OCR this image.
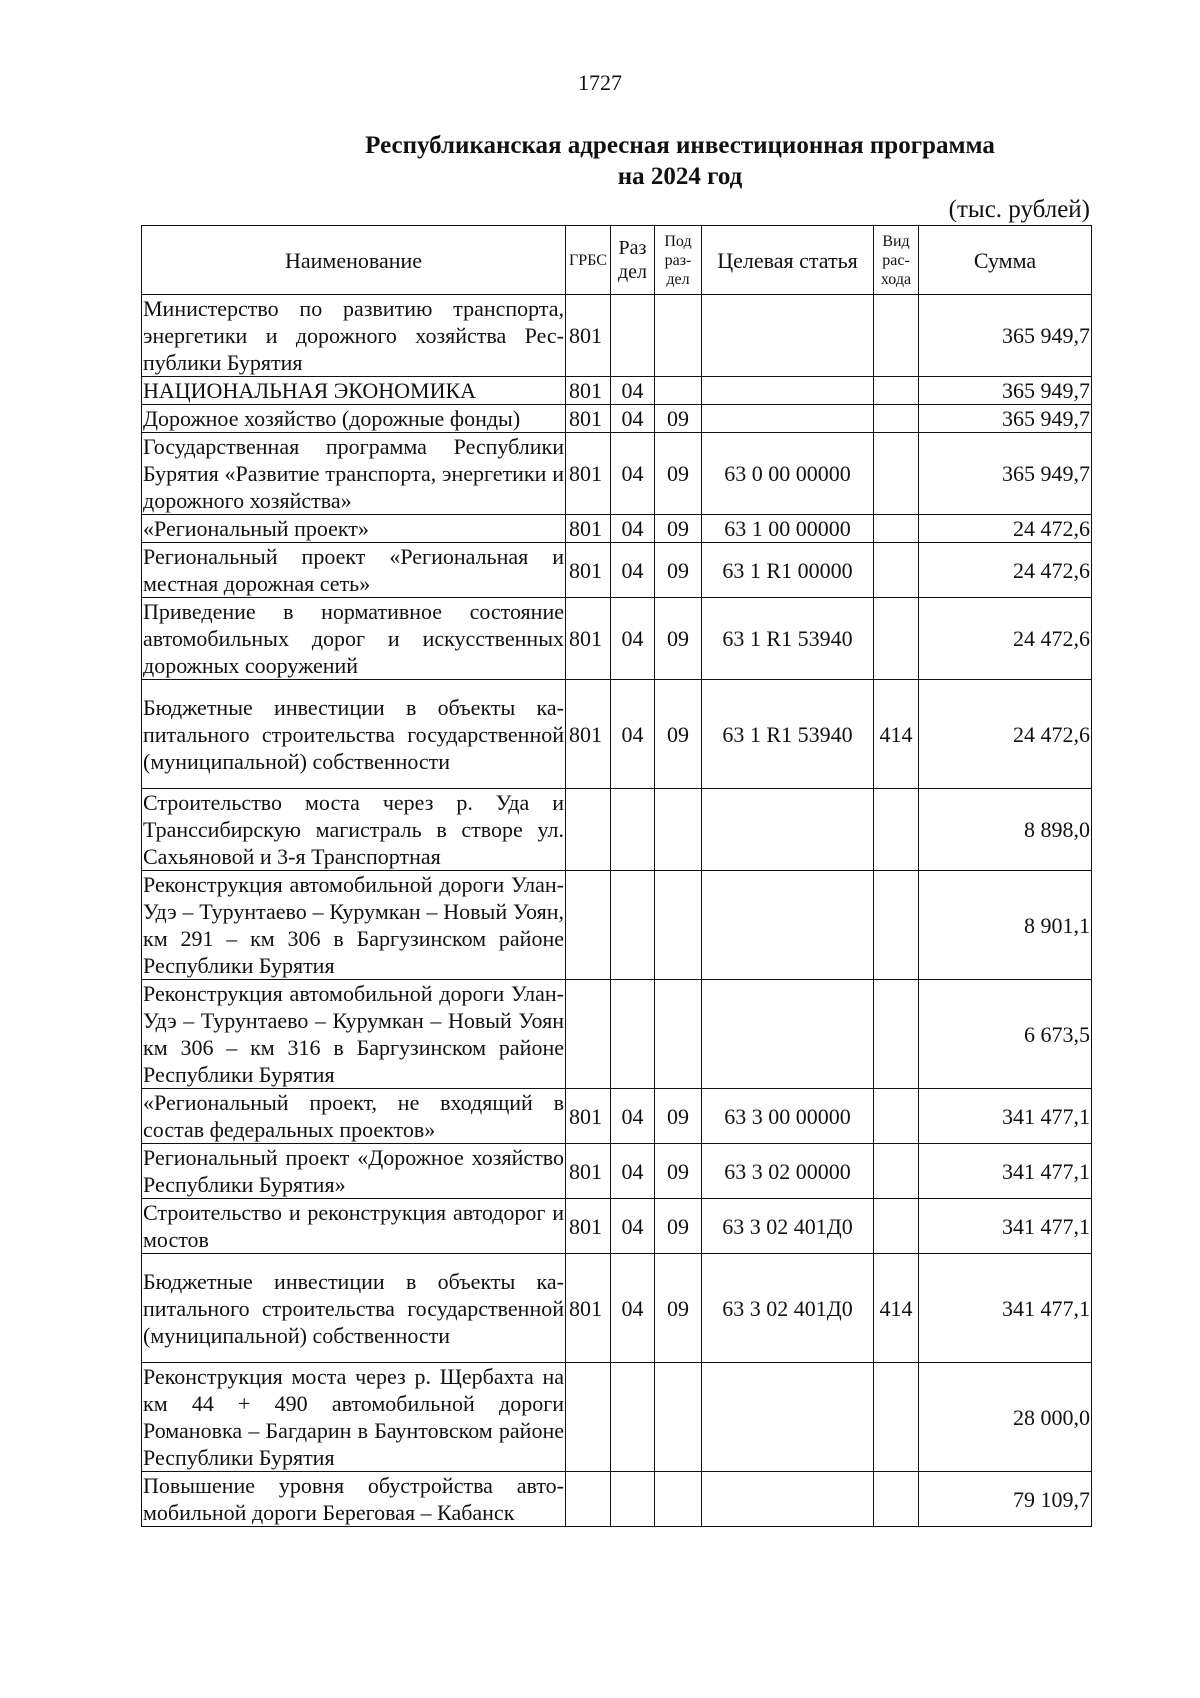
1727
Республиканская адресная инвестиционная программа
на 2024 год
(тыс. рублей)
Наименование	ГРБС	Раз дел	Под раз- дел	Целевая статья	Вид рас- хода	Сумма
Министерство по развитию транспорта, энергетики и дорожного хозяйства Республики Бурятия	801					365 949,7
НАЦИОНАЛЬНАЯ ЭКОНОМИКА	801	04				365 949,7
Дорожное хозяйство (дорожные фонды)	801	04	09			365 949,7
Государственная программа Республики Бурятия «Развитие транспорта, энергетики и дорожного хозяйства»	801	04	09	63 0 00 00000		365 949,7
«Региональный проект»	801	04	09	63 1 00 00000		24 472,6
Региональный проект «Региональная и местная дорожная сеть»	801	04	09	63 1 R1 00000		24 472,6
Приведение в нормативное состояние автомобильных дорог и искусственных дорожных сооружений	801	04	09	63 1 R1 53940		24 472,6
Бюджетные инвестиции в объекты капитального строительства государственной (муниципальной) собственности	801	04	09	63 1 R1 53940	414	24 472,6
Строительство моста через р. Уда и Транссибирскую магистраль в створе ул. Сахьяновой и 3-я Транспортная						8 898,0
Реконструкция автомобильной дороги Улан-Удэ – Турунтаево – Курумкан – Новый Уоян, км 291 – км 306 в Баргузинском районе Республики Бурятия						8 901,1
Реконструкция автомобильной дороги Улан-Удэ – Турунтаево – Курумкан – Новый Уоян км 306 – км 316 в Баргузинском районе Республики Бурятия						6 673,5
«Региональный проект, не входящий в состав федеральных проектов»	801	04	09	63 3 00 00000		341 477,1
Региональный проект «Дорожное хозяйство Республики Бурятия»	801	04	09	63 3 02 00000		341 477,1
Строительство и реконструкция автодорог и мостов	801	04	09	63 3 02 401Д0		341 477,1
Бюджетные инвестиции в объекты капитального строительства государственной (муниципальной) собственности	801	04	09	63 3 02 401Д0	414	341 477,1
Реконструкция моста через р. Щербахта на км 44 + 490 автомобильной дороги Романовка – Багдарин в Баунтовском районе Республики Бурятия						28 000,0
Повышение уровня обустройства автомобильной дороги Береговая – Кабанск						79 109,7
